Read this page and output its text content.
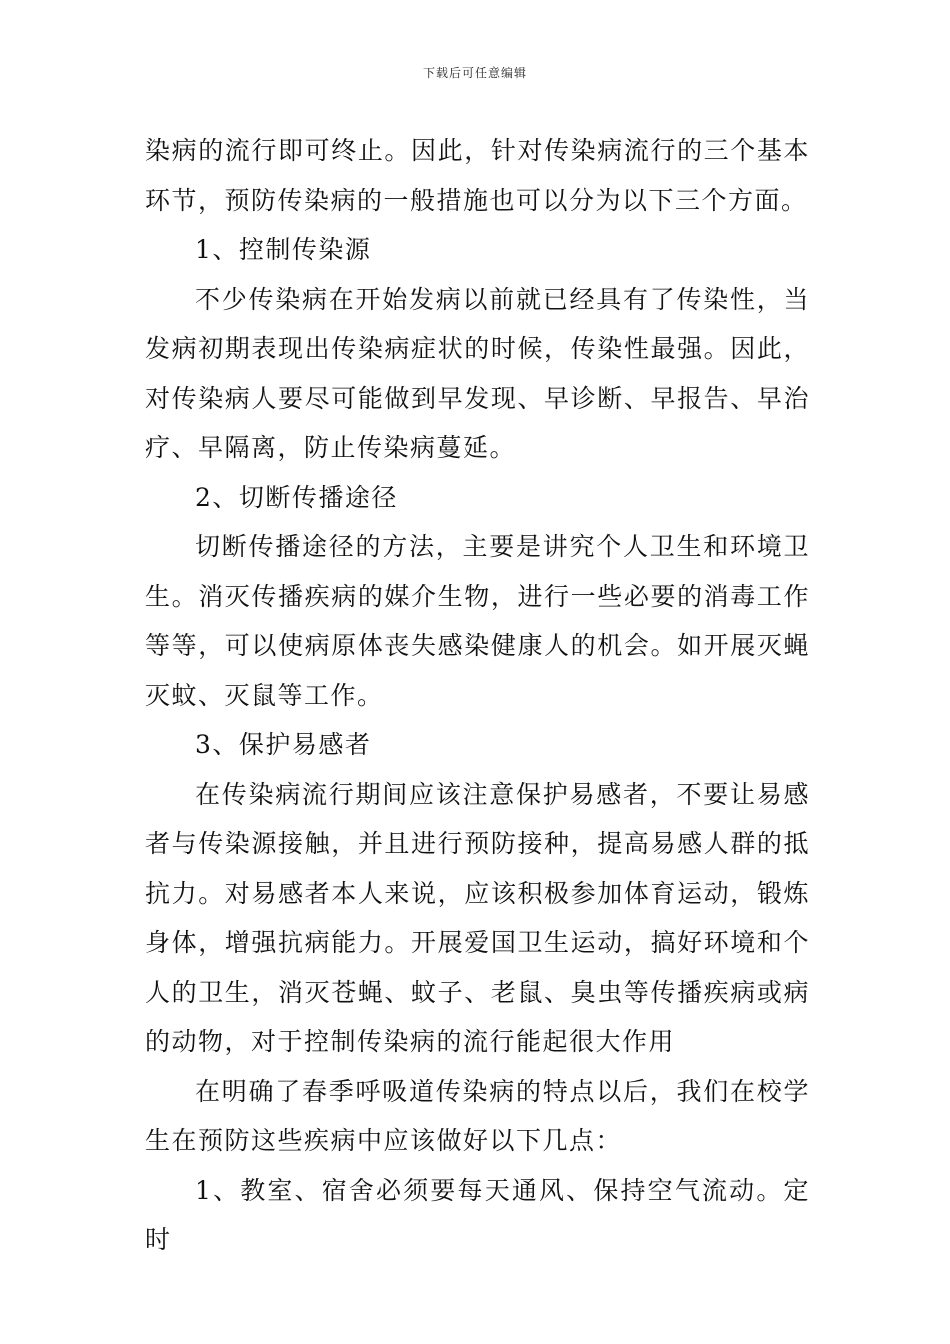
下载后可任意编辑

染病的流行即可终止。因此，针对传染病流行的三个基本环节，预防传染病的一般措施也可以分为以下三个方面。

1、控制传染源

不少传染病在开始发病以前就已经具有了传染性，当发病初期表现出传染病症状的时候，传染性最强。因此，对传染病人要尽可能做到早发现、早诊断、早报告、早治疗、早隔离，防止传染病蔓延。

2、切断传播途径

切断传播途径的方法，主要是讲究个人卫生和环境卫生。消灭传播疾病的媒介生物，进行一些必要的消毒工作等等，可以使病原体丧失感染健康人的机会。如开展灭蝇灭蚊、灭鼠等工作。

3、保护易感者

在传染病流行期间应该注意保护易感者，不要让易感者与传染源接触，并且进行预防接种，提高易感人群的抵抗力。对易感者本人来说，应该积极参加体育运动，锻炼身体，增强抗病能力。开展爱国卫生运动，搞好环境和个人的卫生，消灭苍蝇、蚊子、老鼠、臭虫等传播疾病或病的动物，对于控制传染病的流行能起很大作用

在明确了春季呼吸道传染病的特点以后，我们在校学生在预防这些疾病中应该做好以下几点：

1、教室、宿舍必须要每天通风、保持空气流动。定时
